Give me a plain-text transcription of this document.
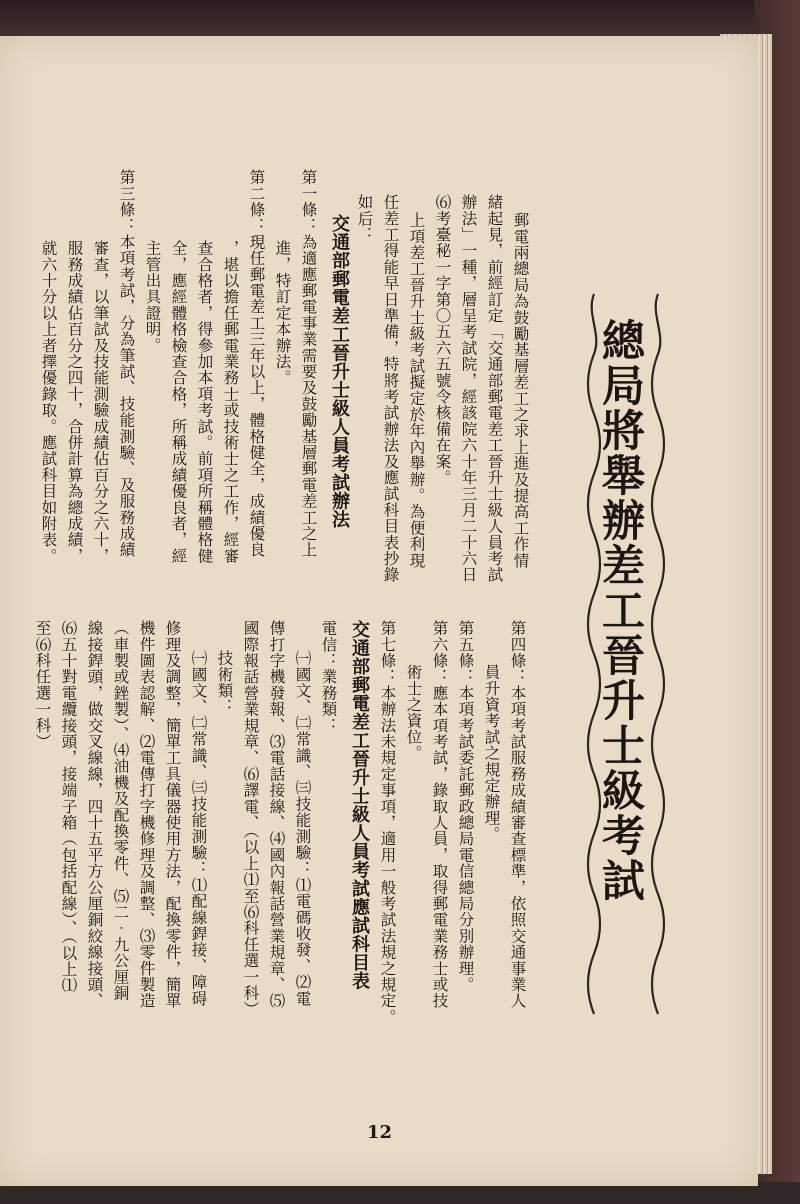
總局將舉辦差工晉升士級考試
郵電兩總局為鼓勵基層差工之求上進及提高工作情
緒起見，前經訂定「交通部郵電差工晉升士級人員考試
辦法」一種，層呈考試院，經該院六十年三月二十六日
⑹考臺秘一字第〇五六五號令核備在案。
上項差工晉升士級考試擬定於年內舉辦。為便利現
任差工得能早日準備，特將考試辦法及應試科目表抄錄
如后：
交通部郵電差工晉升士級人員考試辦法
第一條：為適應郵電事業需要及鼓勵基層郵電差工之上
進，特訂定本辦法。
第二條：現任郵電差工三年以上，體格健全，成績優良
，堪以擔任郵電業務士或技術士之工作，經審
查合格者，得參加本項考試。前項所稱體格健
全，應經體格檢查合格，所稱成績優良者，經
主管出具證明。
第三條：本項考試，分為筆試、技能測驗、及服務成績
審查，以筆試及技能測驗成績佔百分之六十，
服務成績佔百分之四十，合併計算為總成績，
就六十分以上者擇優錄取。應試科目如附表。
第四條：本項考試服務成績審查標準，依照交通事業人
員升資考試之規定辦理。
第五條：本項考試委託郵政總局電信總局分別辦理。
第六條：應本項考試，錄取人員，取得郵電業務士或技
術士之資位。
第七條：本辦法未規定事項，適用一般考試法規之規定。
交通部郵電差工晉升士級人員考試應試科目表
電信：業務類：
㈠國文、㈡常識、㈢技能測驗：⑴電碼收發、⑵電
傳打字機發報、⑶電話接線、⑷國內報話營業規章、⑸
國際報話營業規章、⑹譯電、（以上⑴至⑹科任選一科）
技術類：
㈠國文、㈡常識、㈢技能測驗：⑴配線銲接、障碍
修理及調整，簡單工具儀器使用方法，配換零件，簡單
機件圖表認解、⑵電傳打字機修理及調整、⑶零件製造
（車製或銼製）、⑷油機及配換零件、⑸二‧九公厘銅
線接銲頭，做交叉線線，四十五平方公厘銅絞線接頭、
⑹五十對電纜接頭，接端子箱（包括配線）、（以上⑴
至⑹科任選一科）
12
